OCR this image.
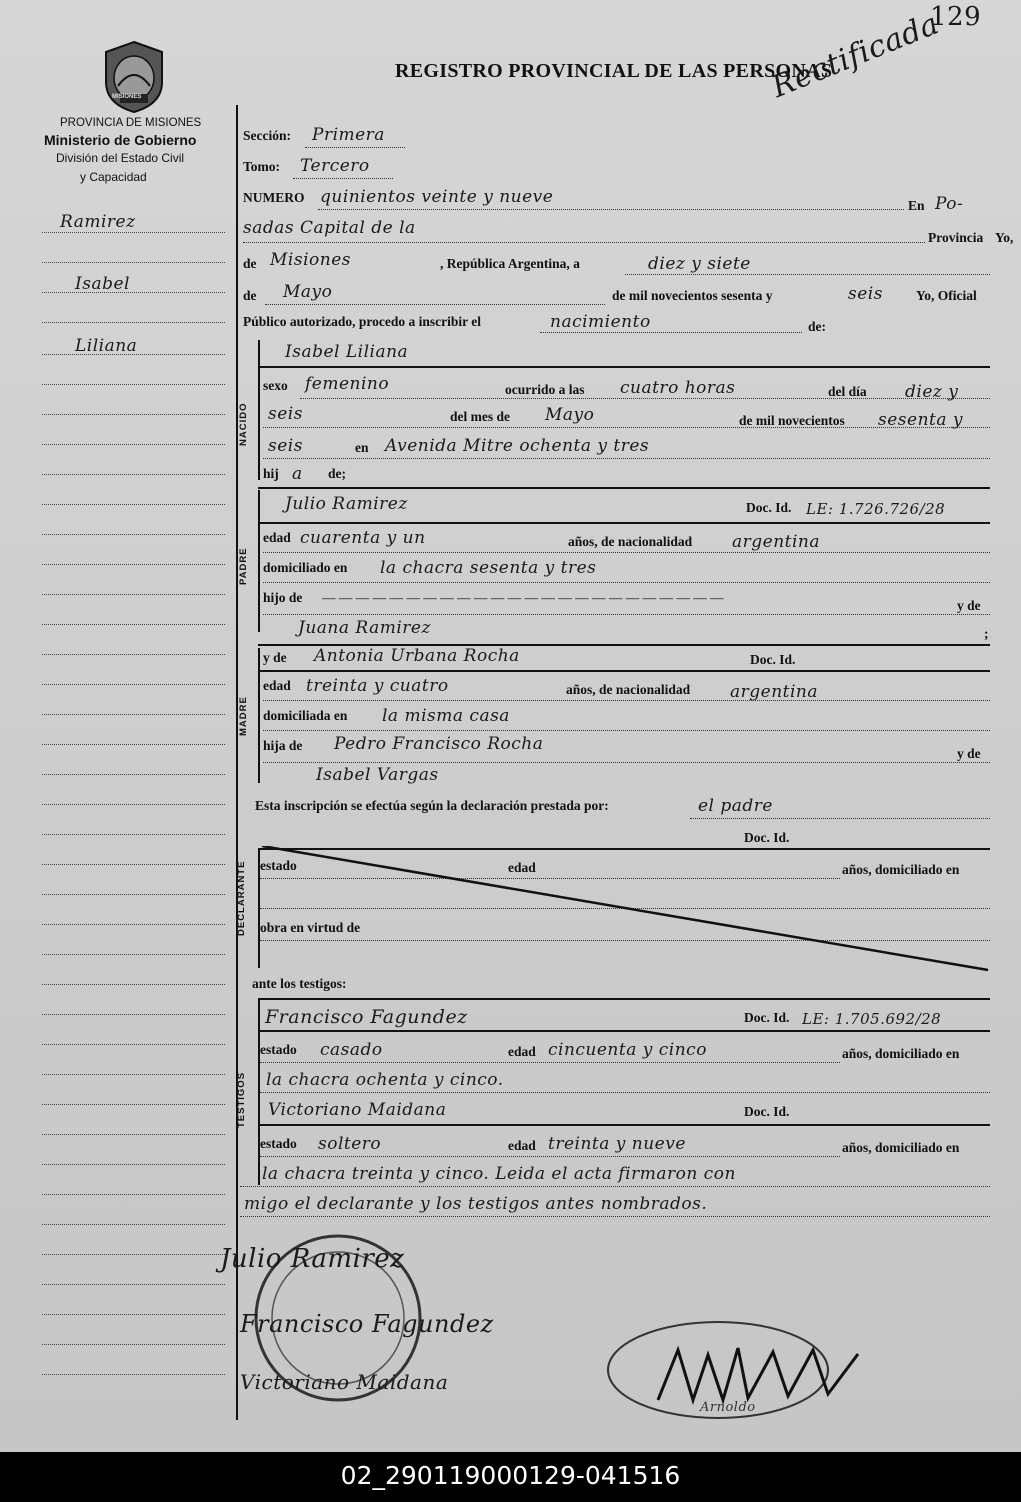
129
REGISTRO PROVINCIAL DE LAS PERSONAS
Rectificada
MISIONES
PROVINCIA DE MISIONES
Ministerio de Gobierno
División del Estado Civil
y Capacidad
Ramirez
Isabel
Liliana
Sección: Primera
Tomo: Tercero
NUMERO quinientos veinte y nueve	En Po-
sadas Capital de la	Provincia Yo,
de Misiones	, República Argentina, a	diez y siete
de Mayo	de mil novecientos sesenta y	seis Yo, Oficial
Público autorizado, procedo a inscribir el	nacimiento	de:
NACIDO
Isabel Liliana
sexo femenino	ocurrido a las cuatro horas	del día diez y
seis	del mes de Mayo	de mil novecientos sesenta y
seis	en Avenida Mitre ochenta y tres
hij a de;
PADRE
Julio Ramirez	Doc. Id. LE: 1.726.726/28
edad cuarenta y un	años, de nacionalidad argentina
domiciliado en la chacra sesenta y tres
hijo de — — — — — — — — — — — — — — — — — — — — — — — —
y de
Juana Ramirez	;
MADRE
y de Antonia Urbana Rocha	Doc. Id.
edad treinta y cuatro	años, de nacionalidad argentina
domiciliada en la misma casa
hija de Pedro Francisco Rocha	y de
Isabel Vargas
Esta inscripción se efectúa según la declaración prestada por:	el padre
Doc. Id.
DECLARANTE estado	edad	años, domiciliado en
obra en virtud de
ante los testigos:
TESTIGOS
Francisco Fagundez	Doc. Id. LE: 1.705.692/28
estado casado	edad cincuenta y cinco	años, domiciliado en
la chacra ochenta y cinco.
Victoriano Maidana	Doc. Id.
estado soltero	edad treinta y nueve	años, domiciliado en
la chacra treinta y cinco. Leida el acta firmaron con
migo el declarante y los testigos antes nombrados.
Julio Ramirez
Francisco Fagundez
Victoriano Maidana
Arnoldo
02_290119000129-041516
